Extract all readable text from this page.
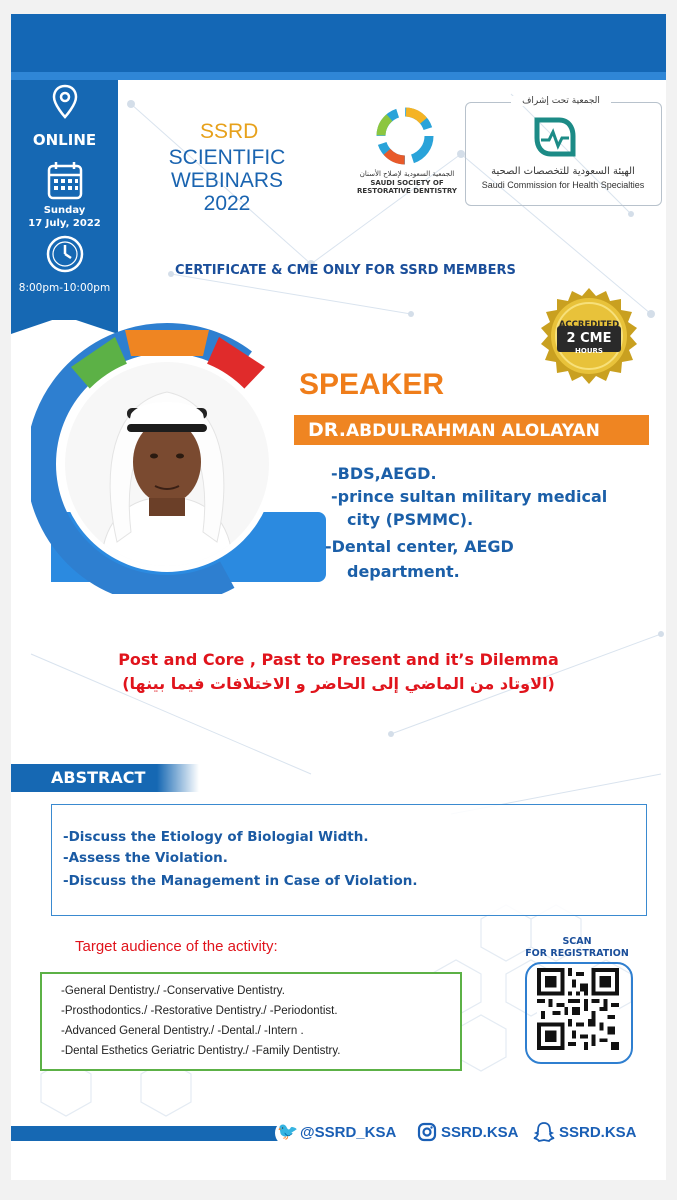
ONLINE
Sunday
17 July, 2022
8:00pm-10:00pm
SSRD
SCIENTIFIC
WEBINARS
2022
الجمعية السعودية لإصلاح الأسنان
SAUDI SOCIETY OF
RESTORATIVE DENTISTRY
الجمعية تحت إشراف
الهيئة السعودية للتخصصات الصحية
Saudi Commission for Health Specialties
CERTIFICATE & CME ONLY FOR SSRD MEMBERS
ACCREDITED
2 CME
HOURS
SPEAKER
DR.ABDULRAHMAN ALOLAYAN
-BDS,AEGD.
-prince sultan military medical
city (PSMMC).
-Dental center, AEGD
department.
Post and Core , Past to Present and it’s Dilemma
(الاوتاد من الماضي إلى الحاضر و الاختلافات فيما بينها)
ABSTRACT
-Discuss the Etiology of Biologial Width.
-Assess the Violation.
-Discuss the Management in Case of Violation.
Target audience of the activity:
-General Dentistry./ -Conservative Dentistry.
-Prosthodontics./ -Restorative Dentistry./ -Periodontist.
-Advanced General Dentistry./ -Dental./ -Intern .
-Dental Esthetics Geriatric Dentistry./ -Family Dentistry.
SCAN
FOR REGISTRATION
🐦 @SSRD_KSA	SSRD.KSA	SSRD.KSA
